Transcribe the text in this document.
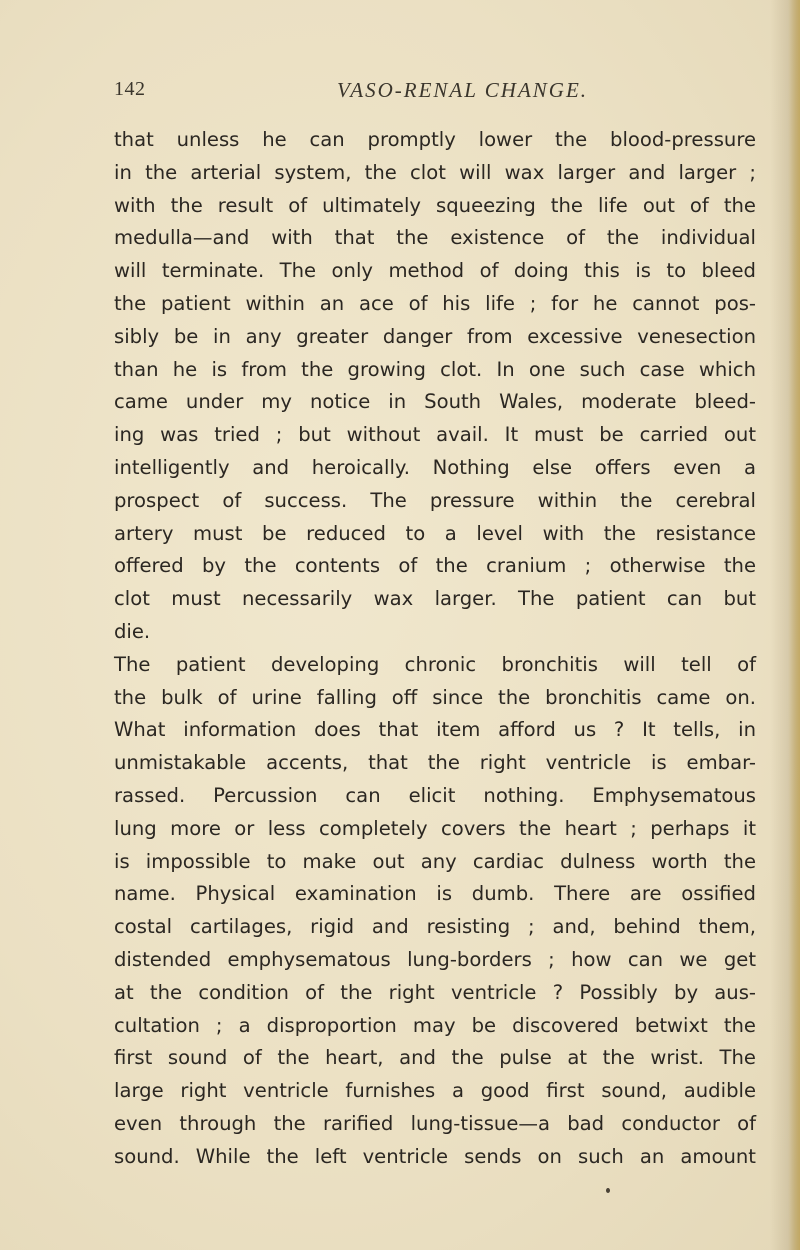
142	VASO-RENAL CHANGE.
that unless he can promptly lower the blood-pressure
in the arterial system, the clot will wax larger and larger ;
with the result of ultimately squeezing the life out of the
medulla—and with that the existence of the individual
will terminate. The only method of doing this is to bleed
the patient within an ace of his life ; for he cannot pos-
sibly be in any greater danger from excessive venesection
than he is from the growing clot. In one such case which
came under my notice in South Wales, moderate bleed-
ing was tried ; but without avail. It must be carried out
intelligently and heroically. Nothing else offers even a
prospect of success. The pressure within the cerebral
artery must be reduced to a level with the resistance
offered by the contents of the cranium ; otherwise the
clot must necessarily wax larger. The patient can but
die.
The patient developing chronic bronchitis will tell of
the bulk of urine falling off since the bronchitis came on.
What information does that item afford us ? It tells, in
unmistakable accents, that the right ventricle is embar-
rassed. Percussion can elicit nothing. Emphysematous
lung more or less completely covers the heart ; perhaps it
is impossible to make out any cardiac dulness worth the
name. Physical examination is dumb. There are ossified
costal cartilages, rigid and resisting ; and, behind them,
distended emphysematous lung-borders ; how can we get
at the condition of the right ventricle ? Possibly by aus-
cultation ; a disproportion may be discovered betwixt the
first sound of the heart, and the pulse at the wrist. The
large right ventricle furnishes a good first sound, audible
even through the rarified lung-tissue—a bad conductor of
sound. While the left ventricle sends on such an amount
